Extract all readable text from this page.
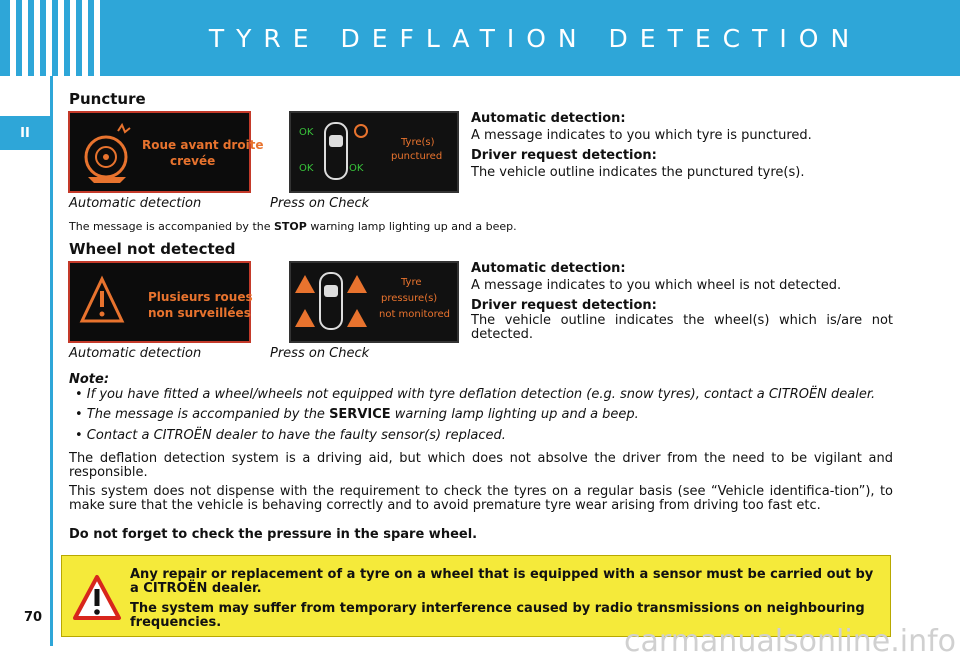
TYRE DEFLATION DETECTION
II
70
Puncture
Roue avant droite
crevée
OK
OK	OK
Tyre(s)
punctured
Automatic detection	Press on Check
Automatic detection:
A message indicates to you which tyre is punctured.
Driver request detection:
The vehicle outline indicates the punctured tyre(s).
The message is accompanied by the STOP warning lamp lighting up and a beep.
Wheel not detected
Plusieurs roues
non surveillées
Tyre
pressure(s)
not monitored
Automatic detection	Press on Check
Automatic detection:
A message indicates to you which wheel is not detected.
Driver request detection:
The vehicle outline indicates the wheel(s) which is/are not detected.
Note:
• If you have fitted a wheel/wheels not equipped with tyre deflation detection (e.g. snow tyres), contact a CITROËN dealer.
• The message is accompanied by the SERVICE warning lamp lighting up and a beep.
• Contact a CITROËN dealer to have the faulty sensor(s) replaced.
The deflation detection system is a driving aid, but which does not absolve the driver from the need to be vigilant and responsible.
This system does not dispense with the requirement to check the tyres on a regular basis (see “Vehicle identifica-tion”), to make sure that the vehicle is behaving correctly and to avoid premature tyre wear arising from driving too fast etc.
Do not forget to check the pressure in the spare wheel.

Any repair or replacement of a tyre on a wheel that is equipped with a sensor must be carried out by a CITROËN dealer.

The system may suffer from temporary interference caused by radio transmissions on neighbouring frequencies.

carmanualsonline.info
